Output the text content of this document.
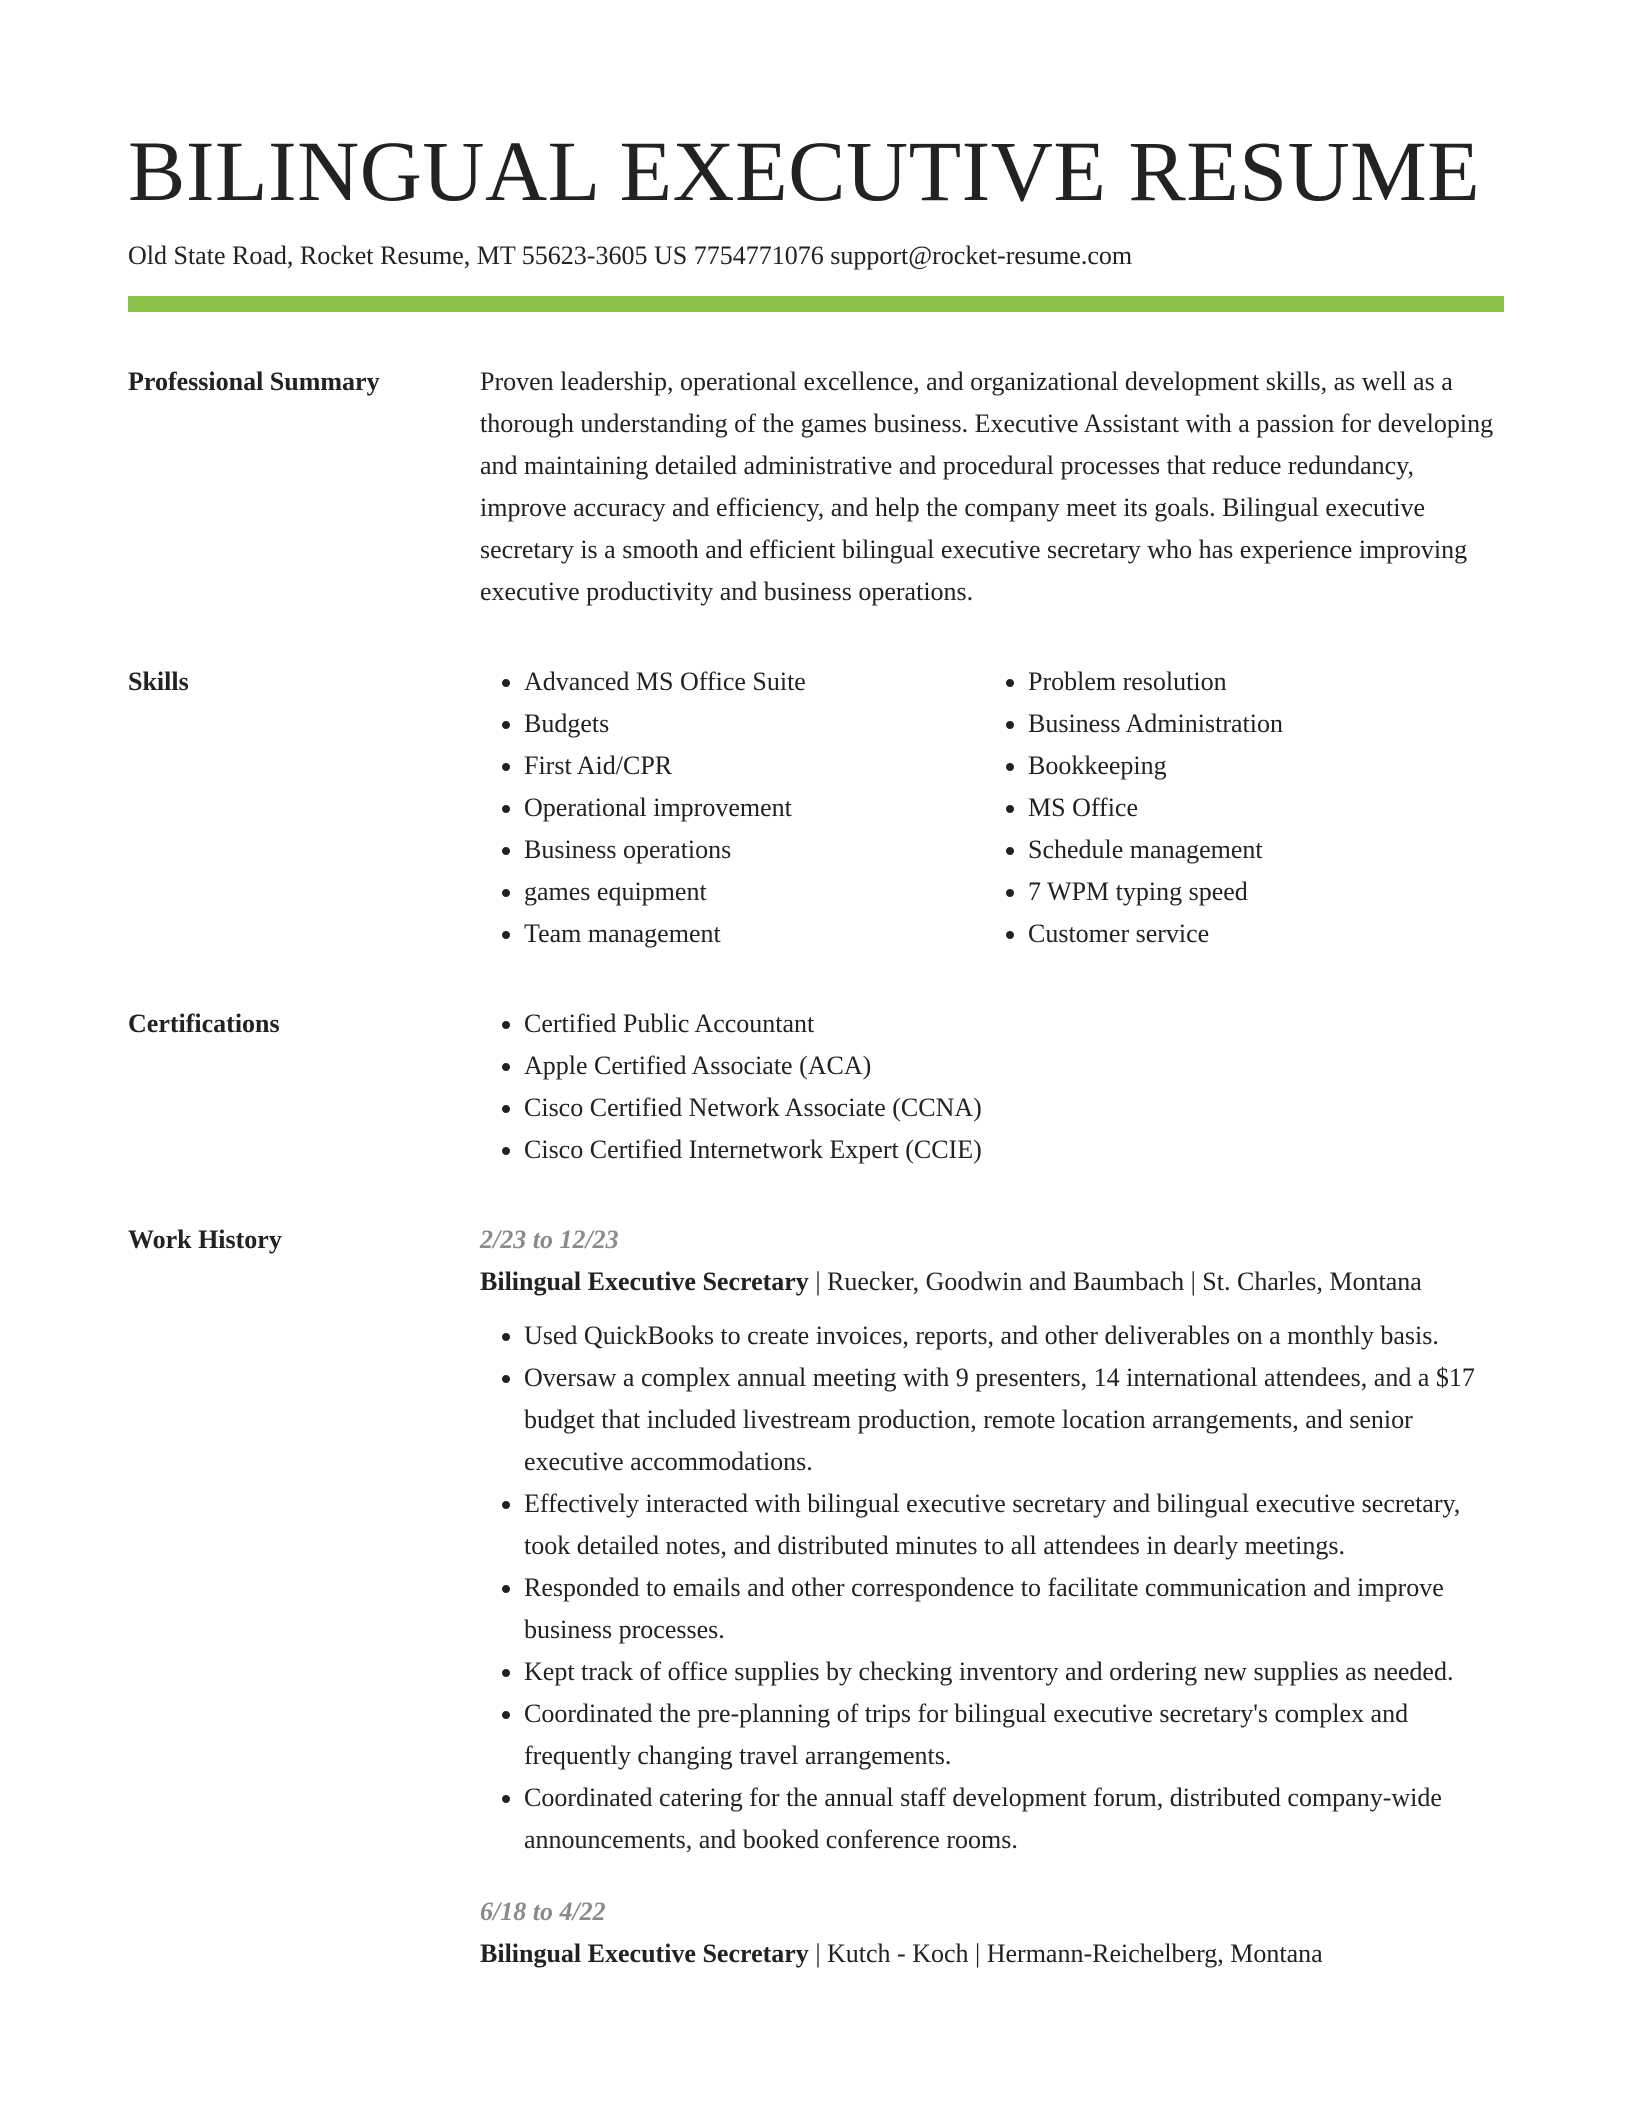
BILINGUAL EXECUTIVE RESUME
Old State Road, Rocket Resume, MT 55623-3605 US 7754771076 support@rocket-resume.com
Professional Summary	Proven leadership, operational excellence, and organizational development skills, as well as a thorough understanding of the games business. Executive Assistant with a passion for developing and maintaining detailed administrative and procedural processes that reduce redundancy, improve accuracy and efficiency, and help the company meet its goals. Bilingual executive secretary is a smooth and efficient bilingual executive secretary who has experience improving executive productivity and business operations.

Skills	• Advanced MS Office Suite
• Budgets
• First Aid/CPR
• Operational improvement
• Business operations
• games equipment
• Team management
• Problem resolution
• Business Administration
• Bookkeeping
• MS Office
• Schedule management
• 7 WPM typing speed
• Customer service
Certifications	• Certified Public Accountant
• Apple Certified Associate (ACA)
• Cisco Certified Network Associate (CCNA)
• Cisco Certified Internetwork Expert (CCIE)
Work History	2/23 to 12/23
Bilingual Executive Secretary | Ruecker, Goodwin and Baumbach | St. Charles, Montana
• Used QuickBooks to create invoices, reports, and other deliverables on a monthly basis.
• Oversaw a complex annual meeting with 9 presenters, 14 international attendees, and a $17 budget that included livestream production, remote location arrangements, and senior executive accommodations.
• Effectively interacted with bilingual executive secretary and bilingual executive secretary, took detailed notes, and distributed minutes to all attendees in dearly meetings.
• Responded to emails and other correspondence to facilitate communication and improve business processes.
• Kept track of office supplies by checking inventory and ordering new supplies as needed.
• Coordinated the pre-planning of trips for bilingual executive secretary's complex and frequently changing travel arrangements.
• Coordinated catering for the annual staff development forum, distributed company-wide announcements, and booked conference rooms.
6/18 to 4/22
Bilingual Executive Secretary | Kutch - Koch | Hermann-Reichelberg, Montana
